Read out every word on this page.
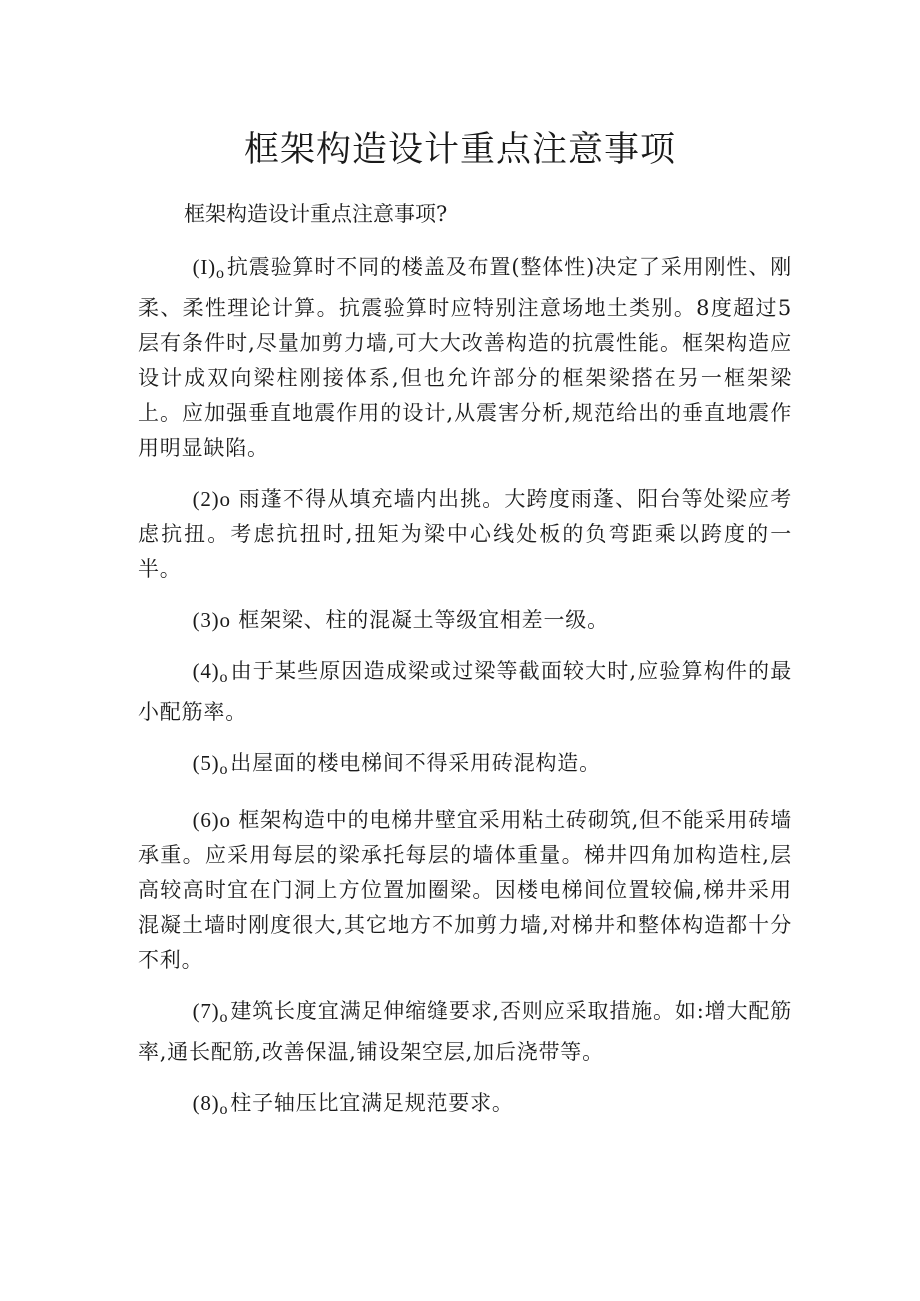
框架构造设计重点注意事项

框架构造设计重点注意事项?

(I)o抗震验算时不同的楼盖及布置(整体性)决定了采用刚性、刚柔、柔性理论计算。抗震验算时应特别注意场地土类别。8度超过5层有条件时,尽量加剪力墙,可大大改善构造的抗震性能。框架构造应设计成双向梁柱刚接体系,但也允许部分的框架梁搭在另一框架梁上。应加强垂直地震作用的设计,从震害分析,规范给出的垂直地震作用明显缺陷。

(2)o 雨蓬不得从填充墙内出挑。大跨度雨蓬、阳台等处梁应考虑抗扭。考虑抗扭时,扭矩为梁中心线处板的负弯距乘以跨度的一半。

(3)o 框架梁、柱的混凝土等级宜相差一级。

(4)o由于某些原因造成梁或过梁等截面较大时,应验算构件的最小配筋率。

(5)o出屋面的楼电梯间不得采用砖混构造。

(6)o 框架构造中的电梯井壁宜采用粘土砖砌筑,但不能采用砖墙承重。应采用每层的梁承托每层的墙体重量。梯井四角加构造柱,层高较高时宜在门洞上方位置加圈梁。因楼电梯间位置较偏,梯井采用混凝土墙时刚度很大,其它地方不加剪力墙,对梯井和整体构造都十分不利。

(7)o建筑长度宜满足伸缩缝要求,否则应采取措施。如:增大配筋率,通长配筋,改善保温,铺设架空层,加后浇带等。

(8)o柱子轴压比宜满足规范要求。
